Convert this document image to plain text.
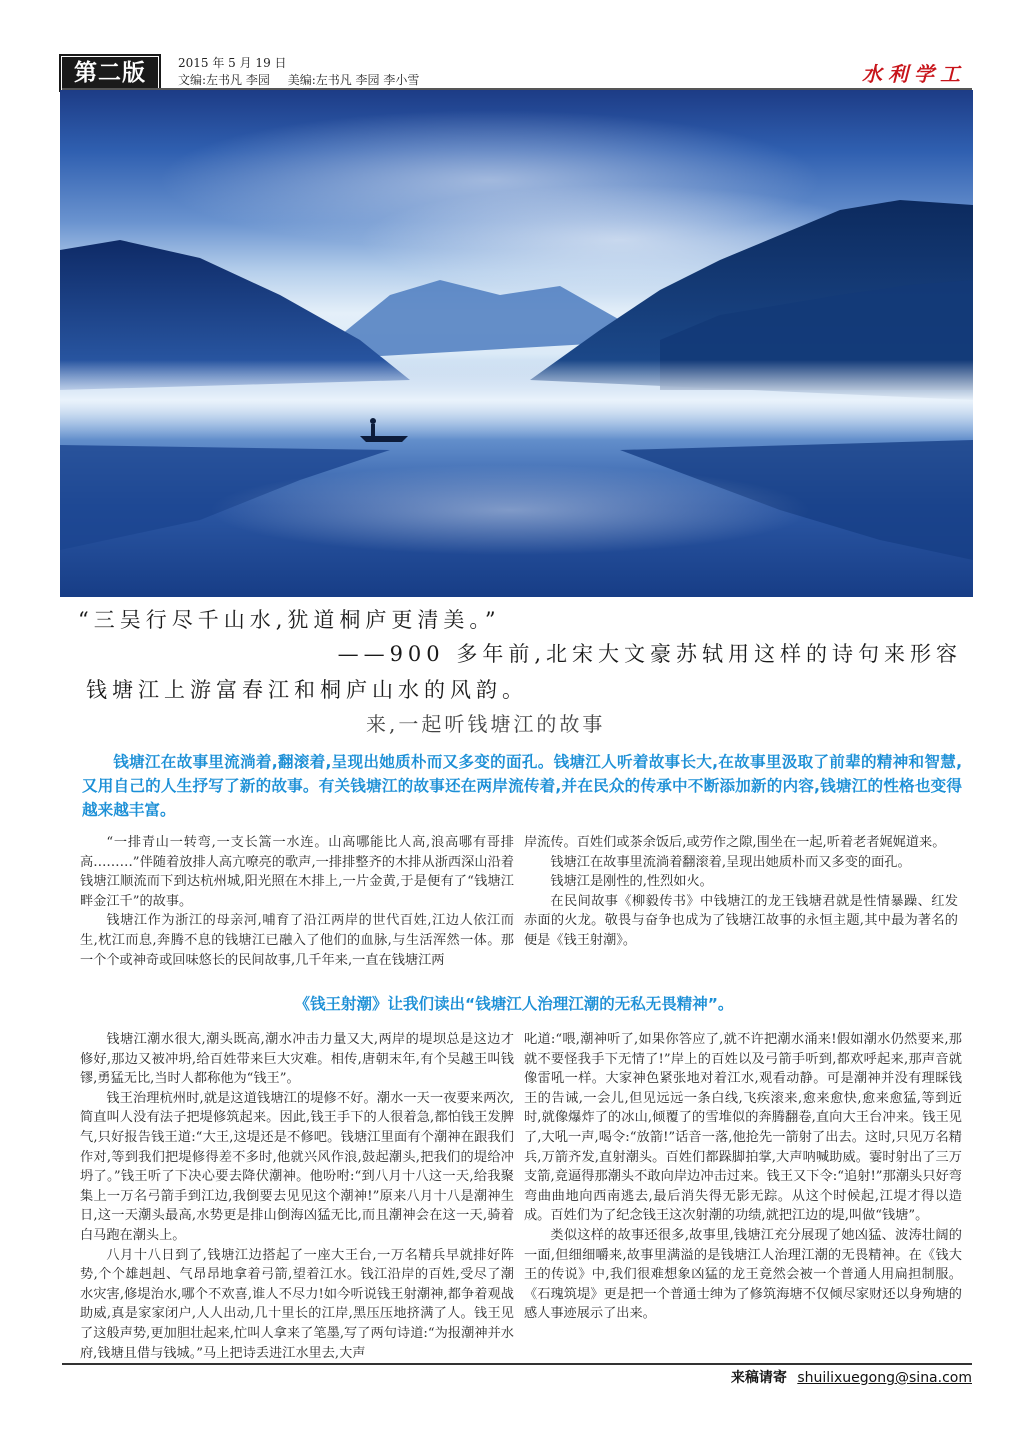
第二版	2015 年 5 月 19 日
文编:左书凡 李园 美编:左书凡 李园 李小雪	水利学工
“三吴行尽千山水,犹道桐庐更清美。”
——900 多年前,北宋大文豪苏轼用这样的诗句来形容
钱塘江上游富春江和桐庐山水的风韵。
来,一起听钱塘江的故事
钱塘江在故事里流淌着,翻滚着,呈现出她质朴而又多变的面孔。钱塘江人听着故事长大,在故事里汲取了前辈的精神和智慧,又用自己的人生抒写了新的故事。有关钱塘江的故事还在两岸流传着,并在民众的传承中不断添加新的内容,钱塘江的性格也变得越来越丰富。

“一排青山一转弯,一支长篙一水连。山高哪能比人高,浪高哪有哥排高………”伴随着放排人高亢嘹亮的歌声,一排排整齐的木排从浙西深山沿着钱塘江顺流而下到达杭州城,阳光照在木排上,一片金黄,于是便有了“钱塘江畔金江千”的故事。

钱塘江作为浙江的母亲河,哺育了沿江两岸的世代百姓,江边人依江而生,枕江而息,奔腾不息的钱塘江已融入了他们的血脉,与生活浑然一体。那一个个或神奇或回味悠长的民间故事,几千年来,一直在钱塘江两

岸流传。百姓们或茶余饭后,或劳作之隙,围坐在一起,听着老者娓娓道来。

钱塘江在故事里流淌着翻滚着,呈现出她质朴而又多变的面孔。

钱塘江是刚性的,性烈如火。

在民间故事《柳毅传书》中钱塘江的龙王钱塘君就是性情暴躁、红发赤面的火龙。敬畏与奋争也成为了钱塘江故事的永恒主题,其中最为著名的便是《钱王射潮》。

《钱王射潮》让我们读出“钱塘江人治理江潮的无私无畏精神”。

钱塘江潮水很大,潮头既高,潮水冲击力量又大,两岸的堤坝总是这边才修好,那边又被冲坍,给百姓带来巨大灾难。相传,唐朝末年,有个吴越王叫钱镠,勇猛无比,当时人都称他为“钱王”。

钱王治理杭州时,就是这道钱塘江的堤修不好。潮水一天一夜要来两次,简直叫人没有法子把堤修筑起来。因此,钱王手下的人很着急,都怕钱王发脾气,只好报告钱王道:“大王,这堤还是不修吧。钱塘江里面有个潮神在跟我们作对,等到我们把堤修得差不多时,他就兴风作浪,鼓起潮头,把我们的堤给冲坍了。”钱王听了下决心要去降伏潮神。他吩咐:“到八月十八这一天,给我聚集上一万名弓箭手到江边,我倒要去见见这个潮神!”原来八月十八是潮神生日,这一天潮头最高,水势更是排山倒海凶猛无比,而且潮神会在这一天,骑着白马跑在潮头上。

八月十八日到了,钱塘江边搭起了一座大王台,一万名精兵早就排好阵势,个个雄赳赳、气昂昂地拿着弓箭,望着江水。钱江沿岸的百姓,受尽了潮水灾害,修堤治水,哪个不欢喜,谁人不尽力!如今听说钱王射潮神,都争着观战助威,真是家家闭户,人人出动,几十里长的江岸,黑压压地挤满了人。钱王见了这般声势,更加胆壮起来,忙叫人拿来了笔墨,写了两句诗道:“为报潮神并水府,钱塘且借与钱城。”马上把诗丢进江水里去,大声

叱道:“喂,潮神听了,如果你答应了,就不许把潮水涌来!假如潮水仍然要来,那就不要怪我手下无情了!”岸上的百姓以及弓箭手听到,都欢呼起来,那声音就像雷吼一样。大家神色紧张地对着江水,观看动静。可是潮神并没有理睬钱王的告诫,一会儿,但见远远一条白线,飞疾滚来,愈来愈快,愈来愈猛,等到近时,就像爆炸了的冰山,倾覆了的雪堆似的奔腾翻卷,直向大王台冲来。钱王见了,大吼一声,喝令:“放箭!”话音一落,他抢先一箭射了出去。这时,只见万名精兵,万箭齐发,直射潮头。百姓们都跺脚拍掌,大声呐喊助威。霎时射出了三万支箭,竟逼得那潮头不敢向岸边冲击过来。钱王又下令:“追射!”那潮头只好弯弯曲曲地向西南逃去,最后消失得无影无踪。从这个时候起,江堤才得以造成。百姓们为了纪念钱王这次射潮的功绩,就把江边的堤,叫做“钱塘”。

类似这样的故事还很多,故事里,钱塘江充分展现了她凶猛、波涛壮阔的一面,但细细嚼来,故事里满溢的是钱塘江人治理江潮的无畏精神。在《钱大王的传说》中,我们很难想象凶猛的龙王竟然会被一个普通人用扁担制服。《石瑰筑堤》更是把一个普通士绅为了修筑海塘不仅倾尽家财还以身殉塘的感人事迹展示了出来。

来稿请寄 shuilixuegong@sina.com
